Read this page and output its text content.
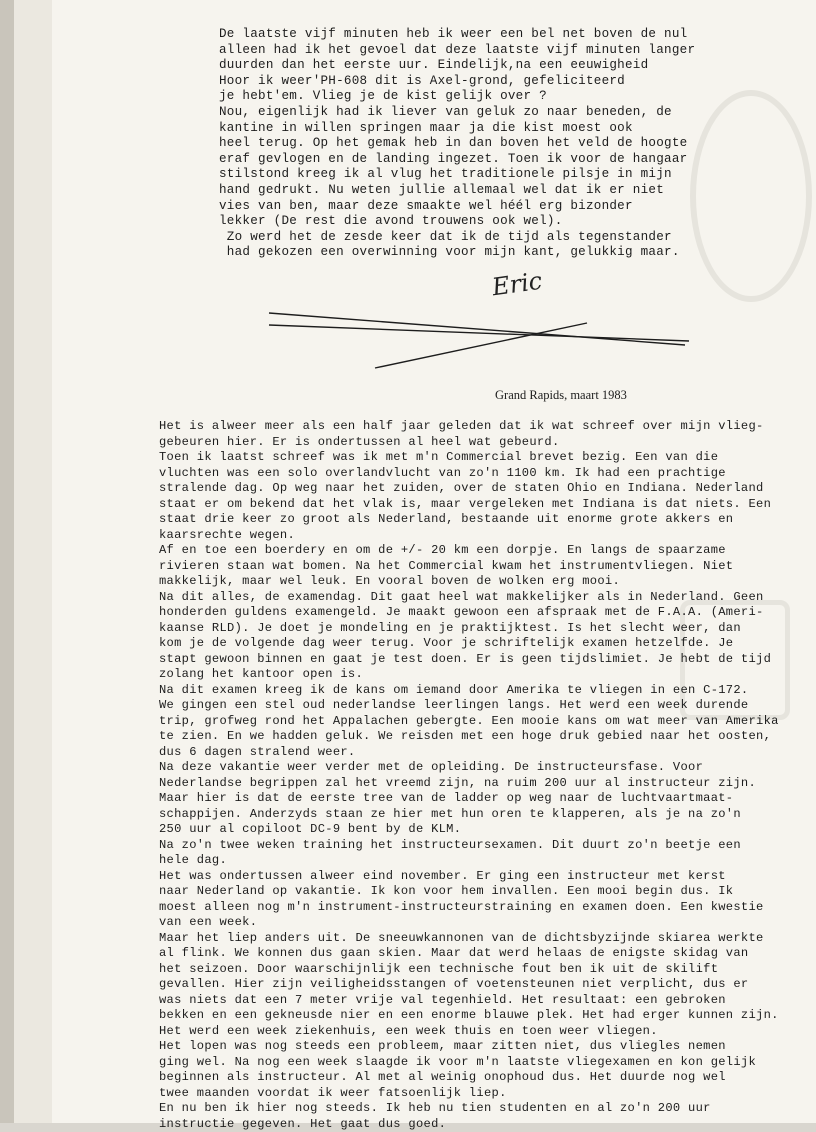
De laatste vijf minuten heb ik weer een bel net boven de nul
alleen had ik het gevoel dat deze laatste vijf minuten langer
duurden dan het eerste uur. Eindelijk,na een eeuwigheid
Hoor ik weer'PH-608 dit is Axel-grond, gefeliciteerd
je hebt'em. Vlieg je de kist gelijk over ?
Nou, eigenlijk had ik liever van geluk zo naar beneden, de
kantine in willen springen maar ja die kist moest ook
heel terug. Op het gemak heb in dan boven het veld de hoogte
eraf gevlogen en de landing ingezet. Toen ik voor de hangaar
stilstond kreeg ik al vlug het traditionele pilsje in mijn
hand gedrukt. Nu weten jullie allemaal wel dat ik er niet
vies van ben, maar deze smaakte wel héél erg bizonder
lekker (De rest die avond trouwens ook wel).
Zo werd het de zesde keer dat ik de tijd als tegenstander
had gekozen een overwinning voor mijn kant, gelukkig maar.
Eric
Grand Rapids, maart 1983
Het is alweer meer als een half jaar geleden dat ik wat schreef over mijn vlieg-
gebeuren hier. Er is ondertussen al heel wat gebeurd.
Toen ik laatst schreef was ik met m'n Commercial brevet bezig. Een van die
vluchten was een solo overlandvlucht van zo'n 1100 km. Ik had een prachtige
stralende dag. Op weg naar het zuiden, over de staten Ohio en Indiana. Nederland
staat er om bekend dat het vlak is, maar vergeleken met Indiana is dat niets. Een
staat drie keer zo groot als Nederland, bestaande uit enorme grote akkers en
kaarsrechte wegen.
Af en toe een boerdery en om de +/- 20 km een dorpje. En langs de spaarzame
rivieren staan wat bomen. Na het Commercial kwam het instrumentvliegen. Niet
makkelijk, maar wel leuk. En vooral boven de wolken erg mooi.
Na dit alles, de examendag. Dit gaat heel wat makkelijker als in Nederland. Geen
honderden guldens examengeld. Je maakt gewoon een afspraak met de F.A.A. (Ameri-
kaanse RLD). Je doet je mondeling en je praktijktest. Is het slecht weer, dan
kom je de volgende dag weer terug. Voor je schriftelijk examen hetzelfde. Je
stapt gewoon binnen en gaat je test doen. Er is geen tijdslimiet. Je hebt de tijd
zolang het kantoor open is.
Na dit examen kreeg ik de kans om iemand door Amerika te vliegen in een C-172.
We gingen een stel oud nederlandse leerlingen langs. Het werd een week durende
trip, grofweg rond het Appalachen gebergte. Een mooie kans om wat meer van Amerika
te zien. En we hadden geluk. We reisden met een hoge druk gebied naar het oosten,
dus 6 dagen stralend weer.
Na deze vakantie weer verder met de opleiding. De instructeursfase. Voor
Nederlandse begrippen zal het vreemd zijn, na ruim 200 uur al instructeur zijn.
Maar hier is dat de eerste tree van de ladder op weg naar de luchtvaartmaat-
schappijen. Anderzyds staan ze hier met hun oren te klapperen, als je na zo'n
250 uur al copiloot DC-9 bent by de KLM.
Na zo'n twee weken training het instructeursexamen. Dit duurt zo'n beetje een
hele dag.
Het was ondertussen alweer eind november. Er ging een instructeur met kerst
naar Nederland op vakantie. Ik kon voor hem invallen. Een mooi begin dus. Ik
moest alleen nog m'n instrument-instructeurstraining en examen doen. Een kwestie
van een week.
Maar het liep anders uit. De sneeuwkannonen van de dichtsbyzijnde skiarea werkte
al flink. We konnen dus gaan skien. Maar dat werd helaas de enigste skidag van
het seizoen. Door waarschijnlijk een technische fout ben ik uit de skilift
gevallen. Hier zijn veiligheidsstangen of voetensteunen niet verplicht, dus er
was niets dat een 7 meter vrije val tegenhield. Het resultaat: een gebroken
bekken en een gekneusde nier en een enorme blauwe plek. Het had erger kunnen zijn.
Het werd een week ziekenhuis, een week thuis en toen weer vliegen.
Het lopen was nog steeds een probleem, maar zitten niet, dus vliegles nemen
ging wel. Na nog een week slaagde ik voor m'n laatste vliegexamen en kon gelijk
beginnen als instructeur. Al met al weinig onophoud dus. Het duurde nog wel
twee maanden voordat ik weer fatsoenlijk liep.
En nu ben ik hier nog steeds. Ik heb nu tien studenten en al zo'n 200 uur
instructie gegeven. Het gaat dus goed.
